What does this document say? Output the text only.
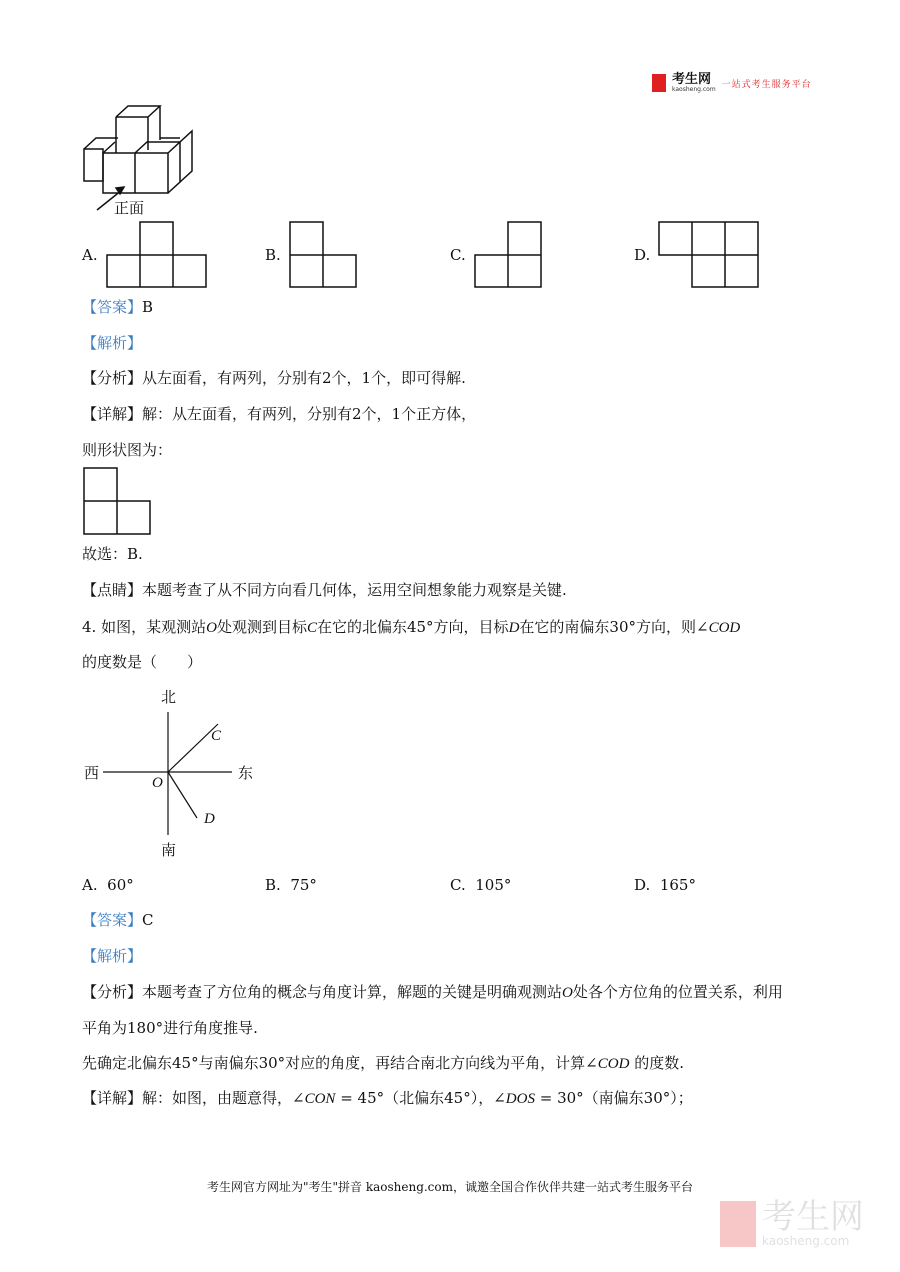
考生网
kaosheng.com 一站式考生服务平台
正面
A.	B.	C.	D.
【答案】B
【解析】
【分析】从左面看，有两列，分别有2个，1个，即可得解.
【详解】解：从左面看，有两列，分别有2个，1个正方体，
则形状图为：
故选：B.
【点睛】本题考查了从不同方向看几何体，运用空间想象能力观察是关键.
4. 如图，某观测站O处观测到目标C在它的北偏东45°方向，目标D在它的南偏东30°方向，则∠COD
的度数是（　　）
北
南
西	东
O
C
D
A. 60°	B. 75°	C. 105°	D. 165°
【答案】C
【解析】
【分析】本题考查了方位角的概念与角度计算，解题的关键是明确观测站O处各个方位角的位置关系，利用
平角为180°进行角度推导.
先确定北偏东45°与南偏东30°对应的角度，再结合南北方向线为平角，计算∠COD 的度数.
【详解】解：如图，由题意得，∠CON = 45°（北偏东45°），∠DOS = 30°（南偏东30°）；
考生网官方网址为"考生"拼音 kaosheng.com，诚邀全国合作伙伴共建一站式考生服务平台
考生网
kaosheng.com
